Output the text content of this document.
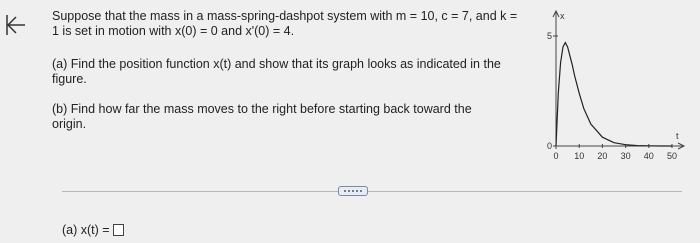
Suppose that the mass in a mass-spring-dashpot system with m = 10, c = 7, and k = 1 is set in motion with x(0) = 0 and x'(0) = 4.
(a) Find the position function x(t) and show that its graph looks as indicated in the figure.
(b) Find how far the mass moves to the right before starting back toward the origin.
x
t
10 20 30 40 50
0
0
5
(a) x(t) =
